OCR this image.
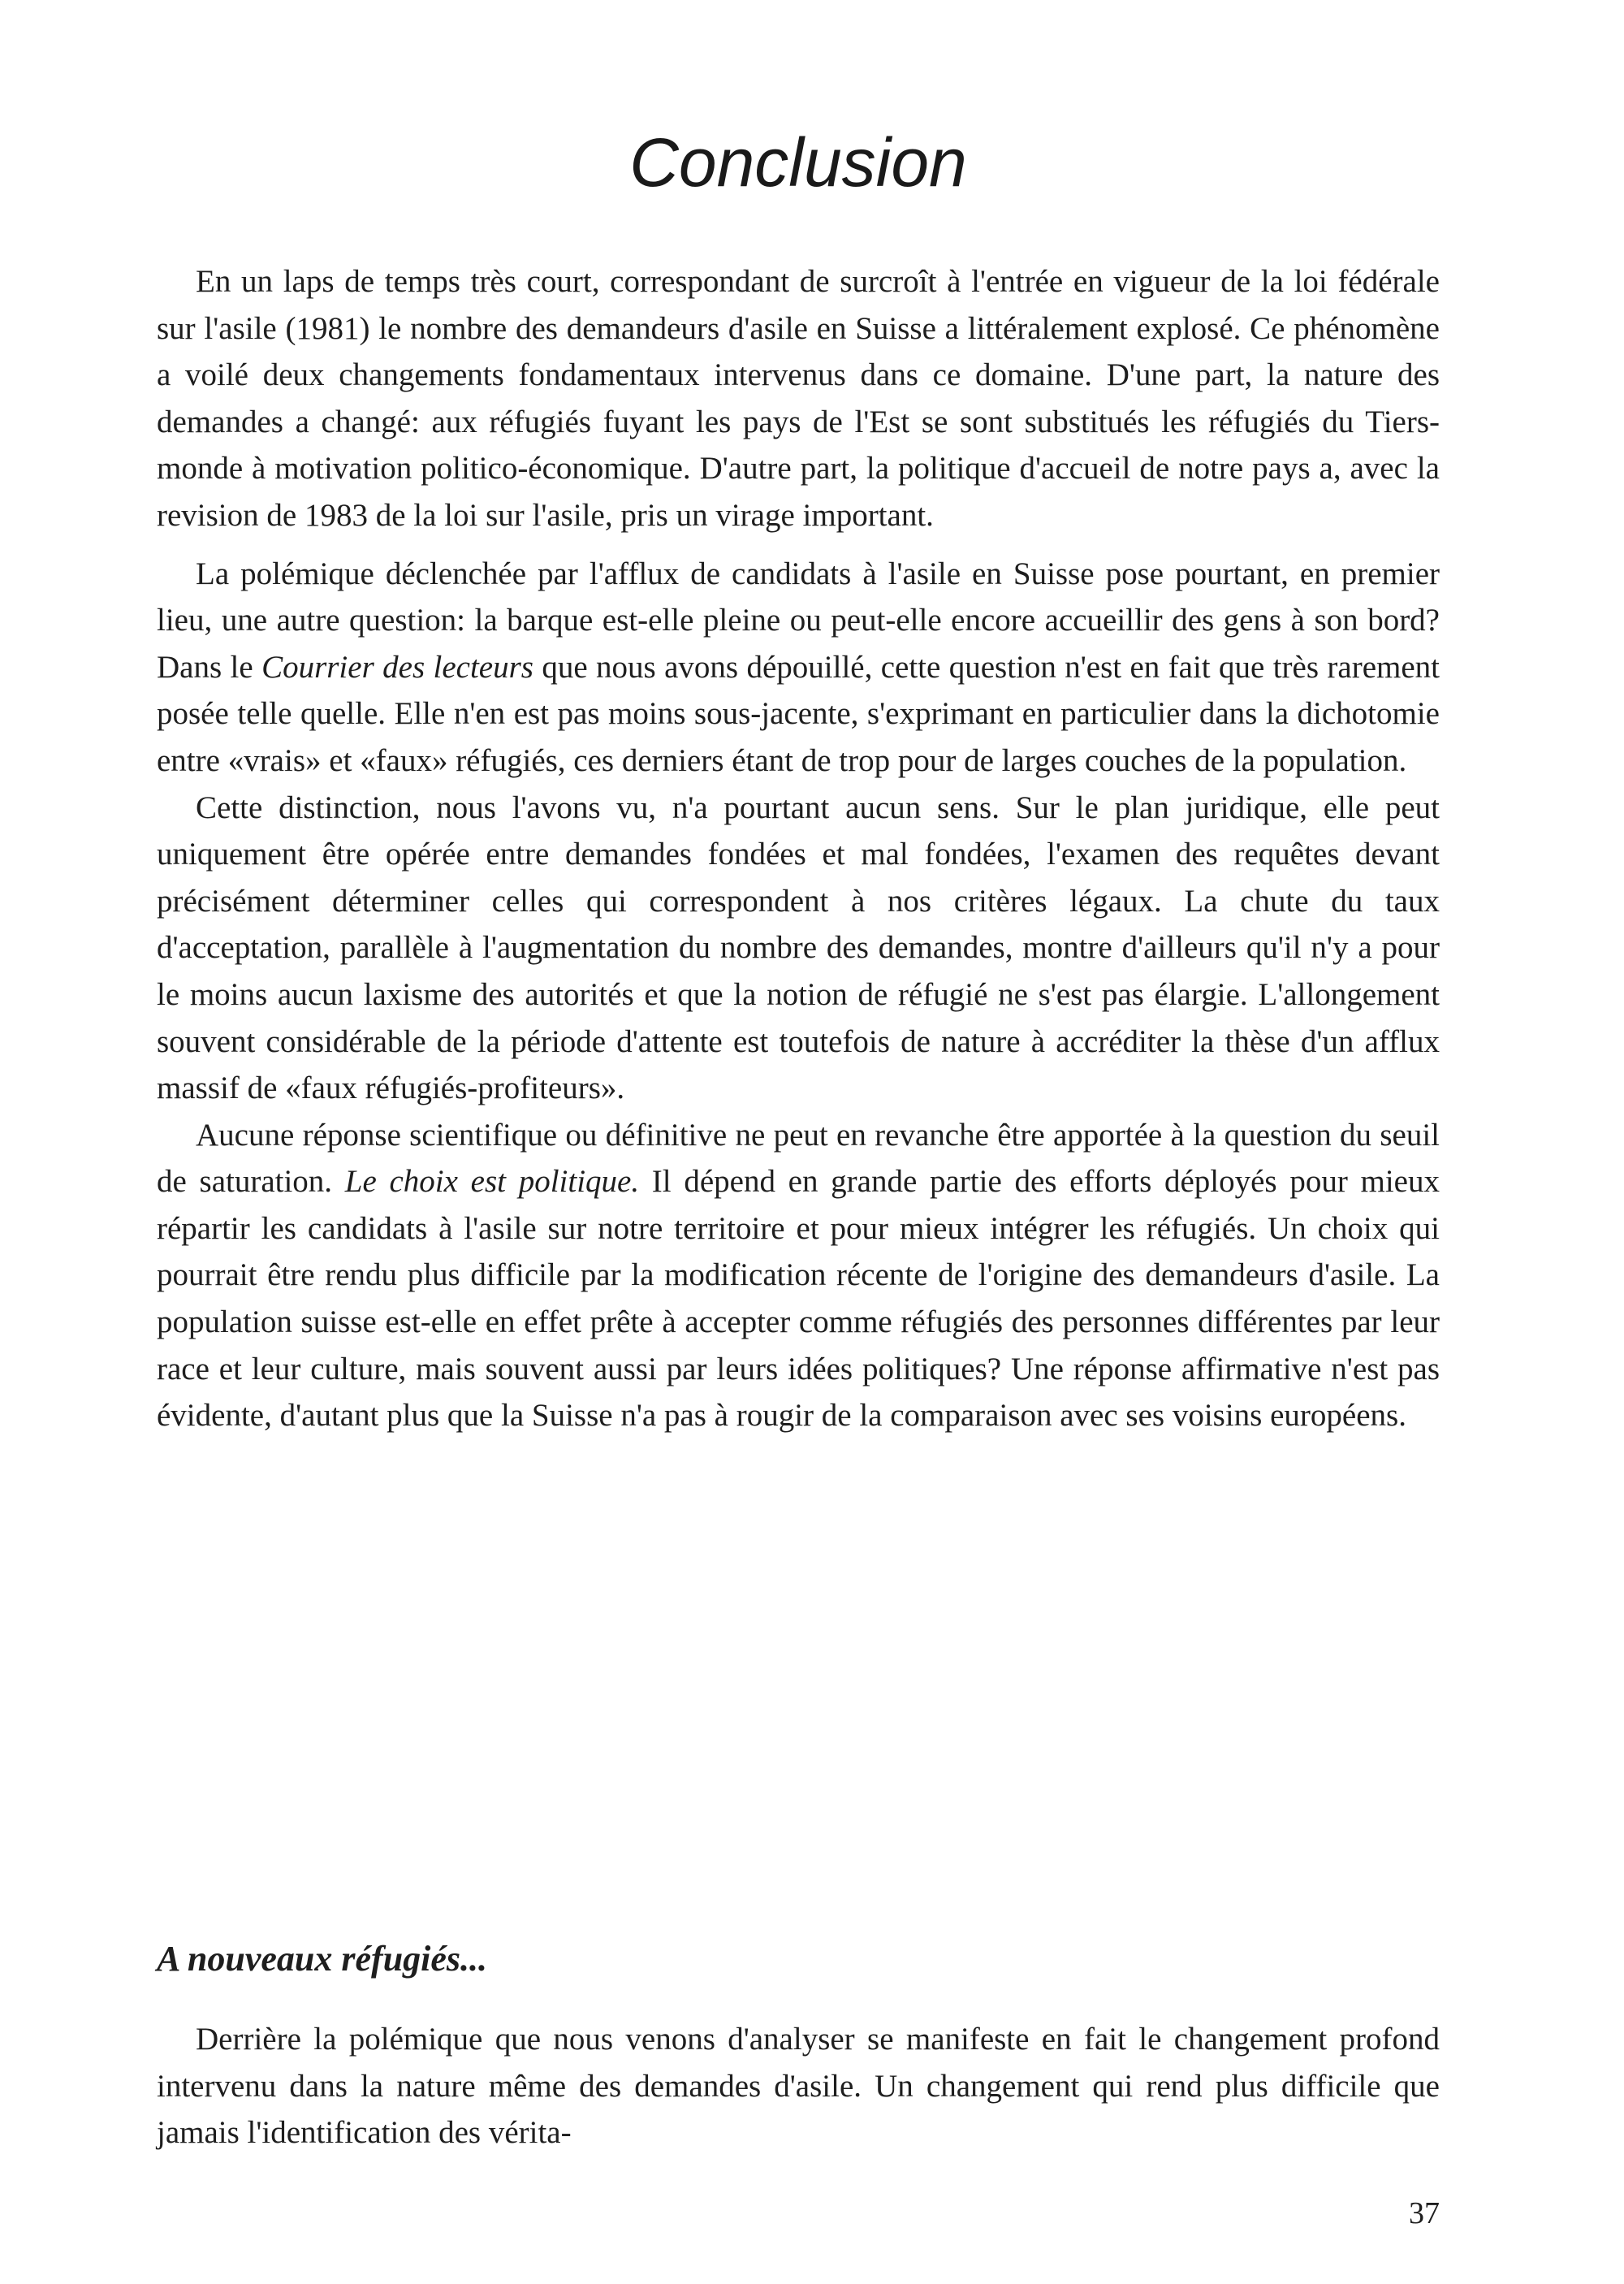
Conclusion

En un laps de temps très court, correspondant de surcroît à l'entrée en vigueur de la loi fédérale sur l'asile (1981) le nombre des demandeurs d'asile en Suisse a littéralement explosé. Ce phénomène a voilé deux changements fondamentaux intervenus dans ce domaine. D'une part, la nature des demandes a changé: aux réfugiés fuyant les pays de l'Est se sont substitués les réfugiés du Tiers-monde à motivation politico-économique. D'autre part, la politique d'accueil de notre pays a, avec la revision de 1983 de la loi sur l'asile, pris un virage important.

La polémique déclenchée par l'afflux de candidats à l'asile en Suisse pose pourtant, en premier lieu, une autre question: la barque est-elle pleine ou peut-elle encore accueillir des gens à son bord? Dans le Courrier des lecteurs que nous avons dépouillé, cette question n'est en fait que très rarement posée telle quelle. Elle n'en est pas moins sous-jacente, s'exprimant en particulier dans la dichotomie entre «vrais» et «faux» réfugiés, ces derniers étant de trop pour de larges couches de la population.

Cette distinction, nous l'avons vu, n'a pourtant aucun sens. Sur le plan juridique, elle peut uniquement être opérée entre demandes fondées et mal fondées, l'examen des requêtes devant précisément déterminer celles qui correspondent à nos critères légaux. La chute du taux d'acceptation, parallèle à l'augmentation du nombre des demandes, montre d'ailleurs qu'il n'y a pour le moins aucun laxisme des autorités et que la notion de réfugié ne s'est pas élargie. L'allongement souvent considérable de la période d'attente est toutefois de nature à accréditer la thèse d'un afflux massif de «faux réfugiés-profiteurs».

Aucune réponse scientifique ou définitive ne peut en revanche être apportée à la question du seuil de saturation. Le choix est politique. Il dépend en grande partie des efforts déployés pour mieux répartir les candidats à l'asile sur notre territoire et pour mieux intégrer les réfugiés. Un choix qui pourrait être rendu plus difficile par la modification récente de l'origine des demandeurs d'asile. La population suisse est-elle en effet prête à accepter comme réfugiés des personnes différentes par leur race et leur culture, mais souvent aussi par leurs idées politiques? Une réponse affirmative n'est pas évidente, d'autant plus que la Suisse n'a pas à rougir de la comparaison avec ses voisins européens.

A nouveaux réfugiés...

Derrière la polémique que nous venons d'analyser se manifeste en fait le changement profond intervenu dans la nature même des demandes d'asile. Un changement qui rend plus difficile que jamais l'identification des vérita-

37
